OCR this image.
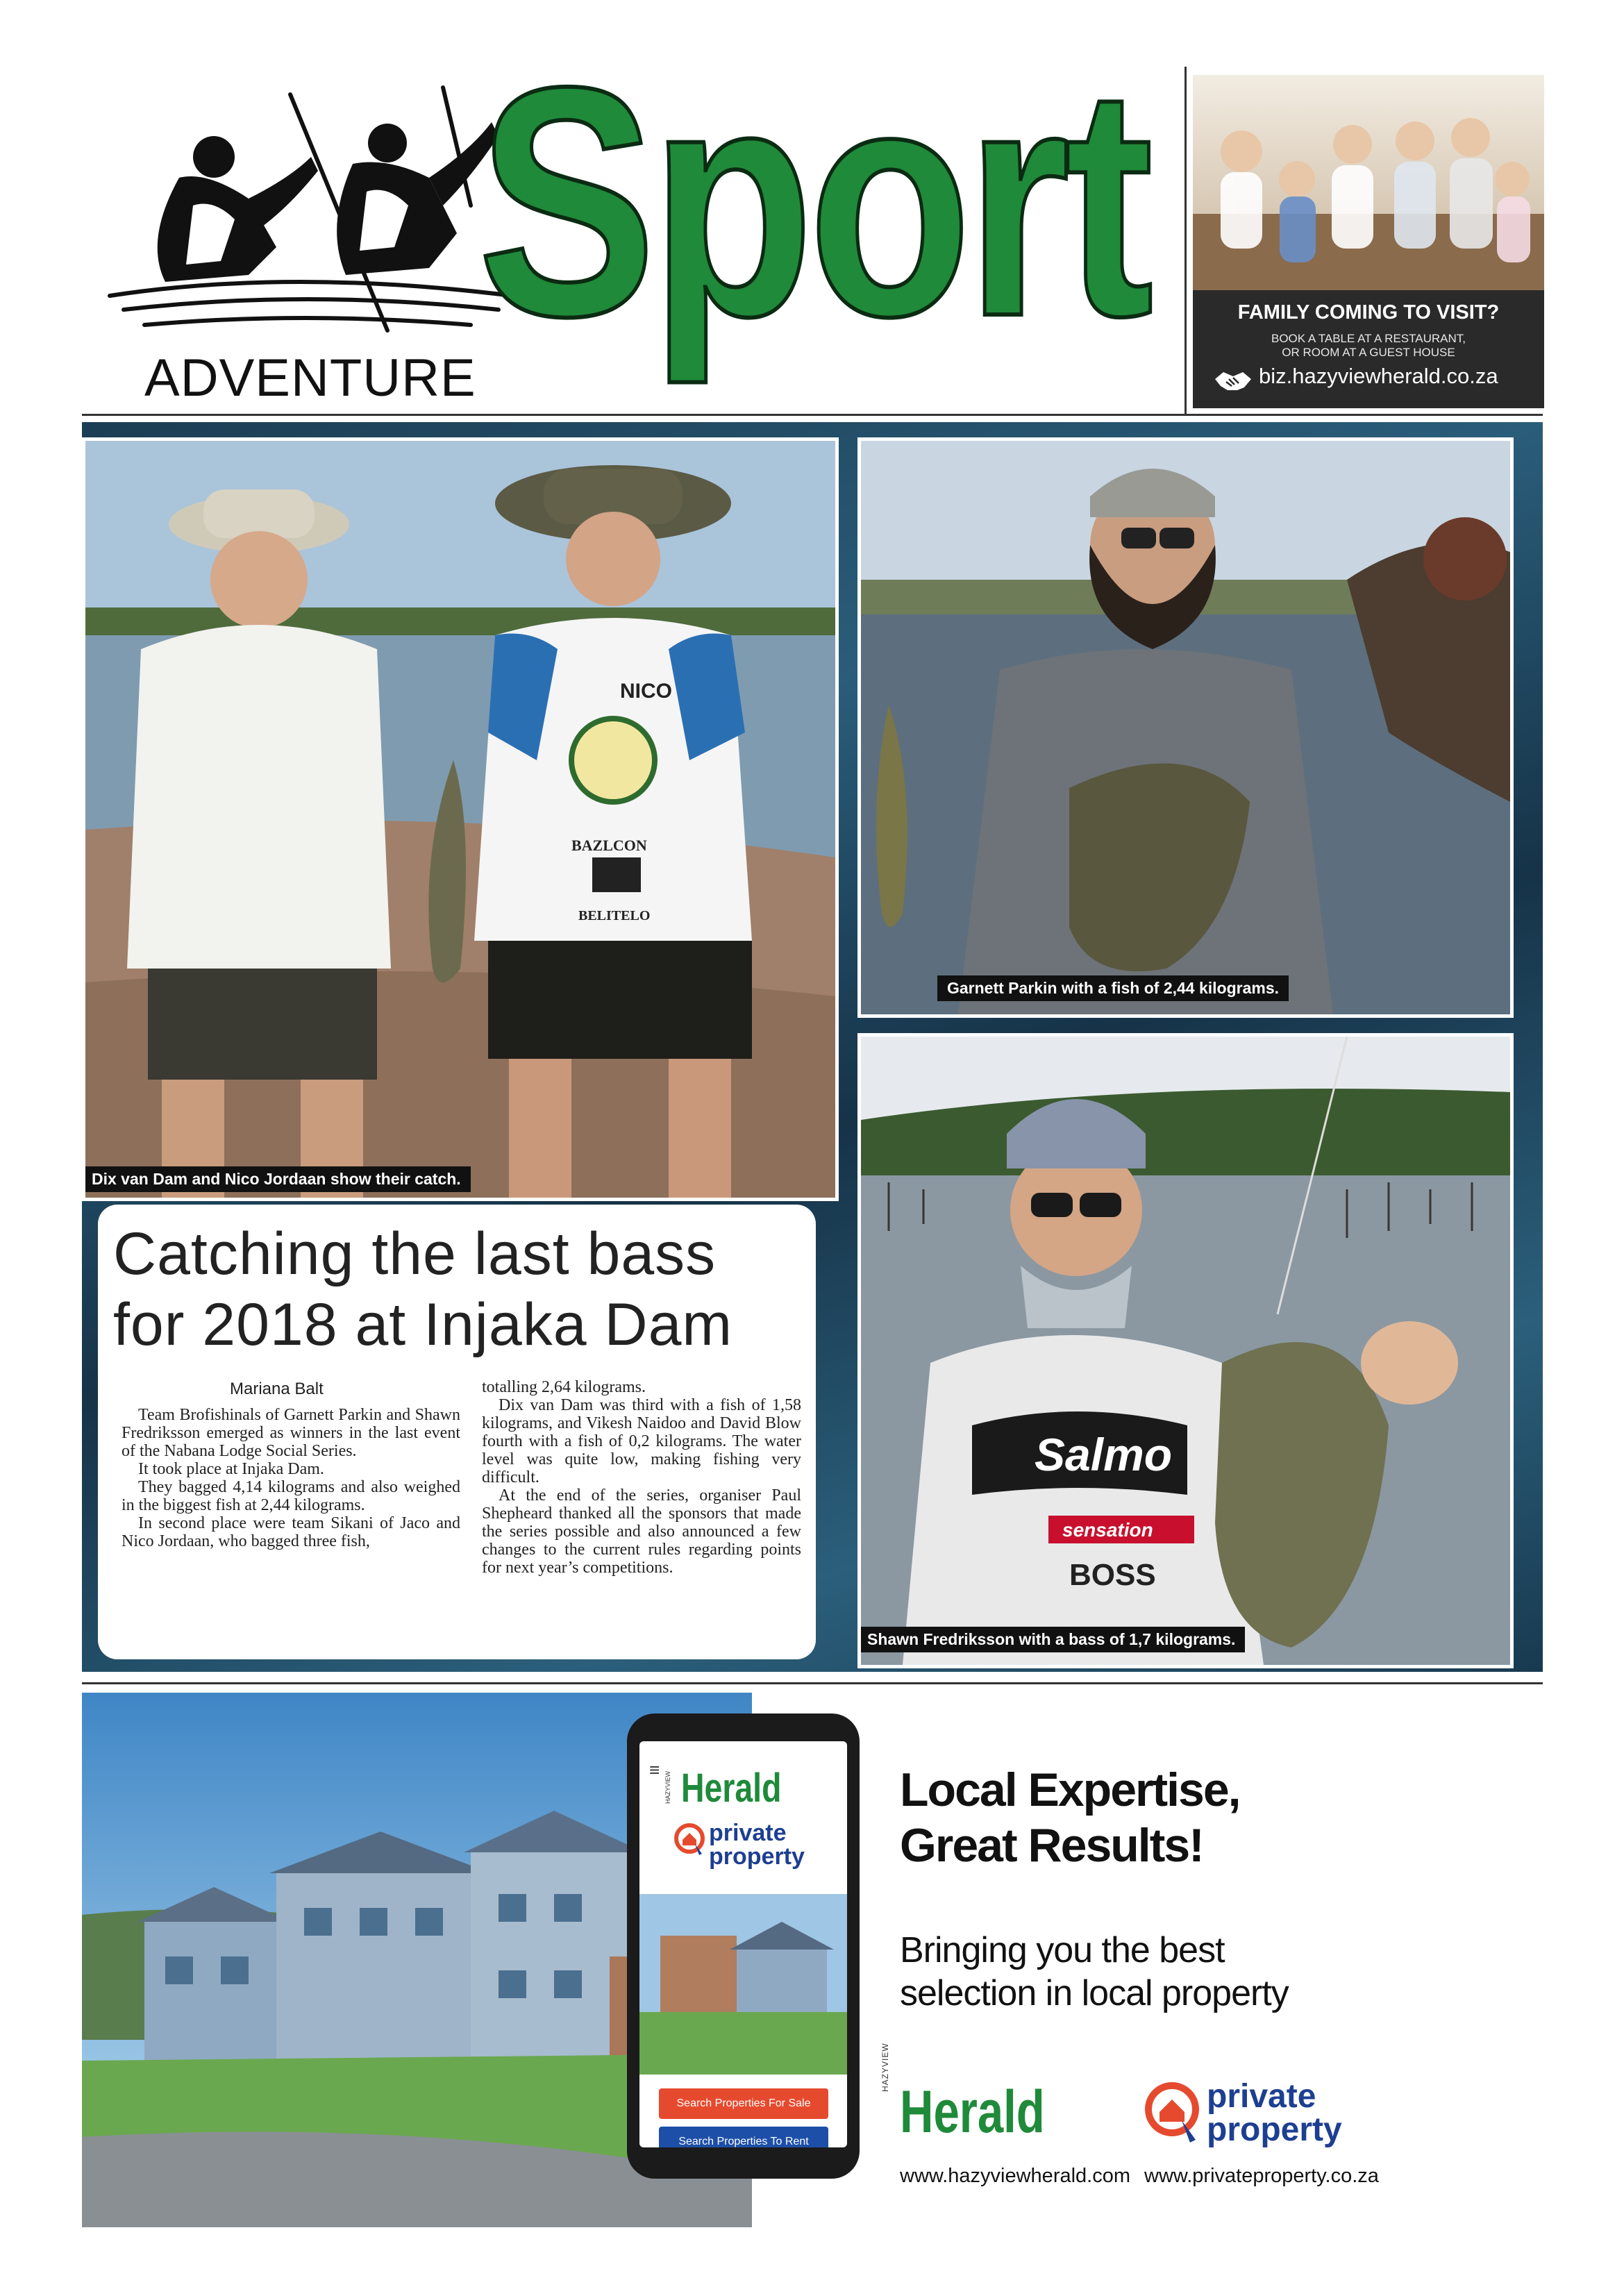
ADVENTURE Sport	FAMILY COMING TO VISIT?
BOOK A TABLE AT A RESTAURANT,
OR ROOM AT A GUEST HOUSE
biz.hazyviewherald.co.za
NICO
BAZLCON
BELITELO
Dix van Dam and Nico Jordaan show their catch.
Garnett Parkin with a fish of 2,44 kilograms.
Salmo
sensation
BOSS
Shawn Fredriksson with a bass of 1,7 kilograms.
Catching the last bass
for 2018 at Injaka Dam
Mariana Balt

Team Brofishinals of Garnett Parkin and Shawn Fredriksson emerged as winners in the last event of the Nabana Lodge Social Series.

It took place at Injaka Dam.

They bagged 4,14 kilograms and also weighed in the biggest fish at 2,44 kilograms.

In second place were team Sikani of Jaco and Nico Jordaan, who bagged three fish,

totalling 2,64 kilograms.

Dix van Dam was third with a fish of 1,58 kilograms, and Vikesh Naidoo and David Blow fourth with a fish of 0,2 kilograms. The water level was quite low, making fishing very difficult.

At the end of the series, organiser Paul Shepheard thanked all the sponsors that made the series possible and also announced a few changes to the current rules regarding points for next year’s competitions.

≡
HAZYVIEW Herald
private
property
Search Properties For Sale
Search Properties To Rent
Local Expertise,
Great Results!
Bringing you the best
selection in local property
HAZYVIEW
Herald	private
property
www.hazyviewherald.com www.privateproperty.co.za
